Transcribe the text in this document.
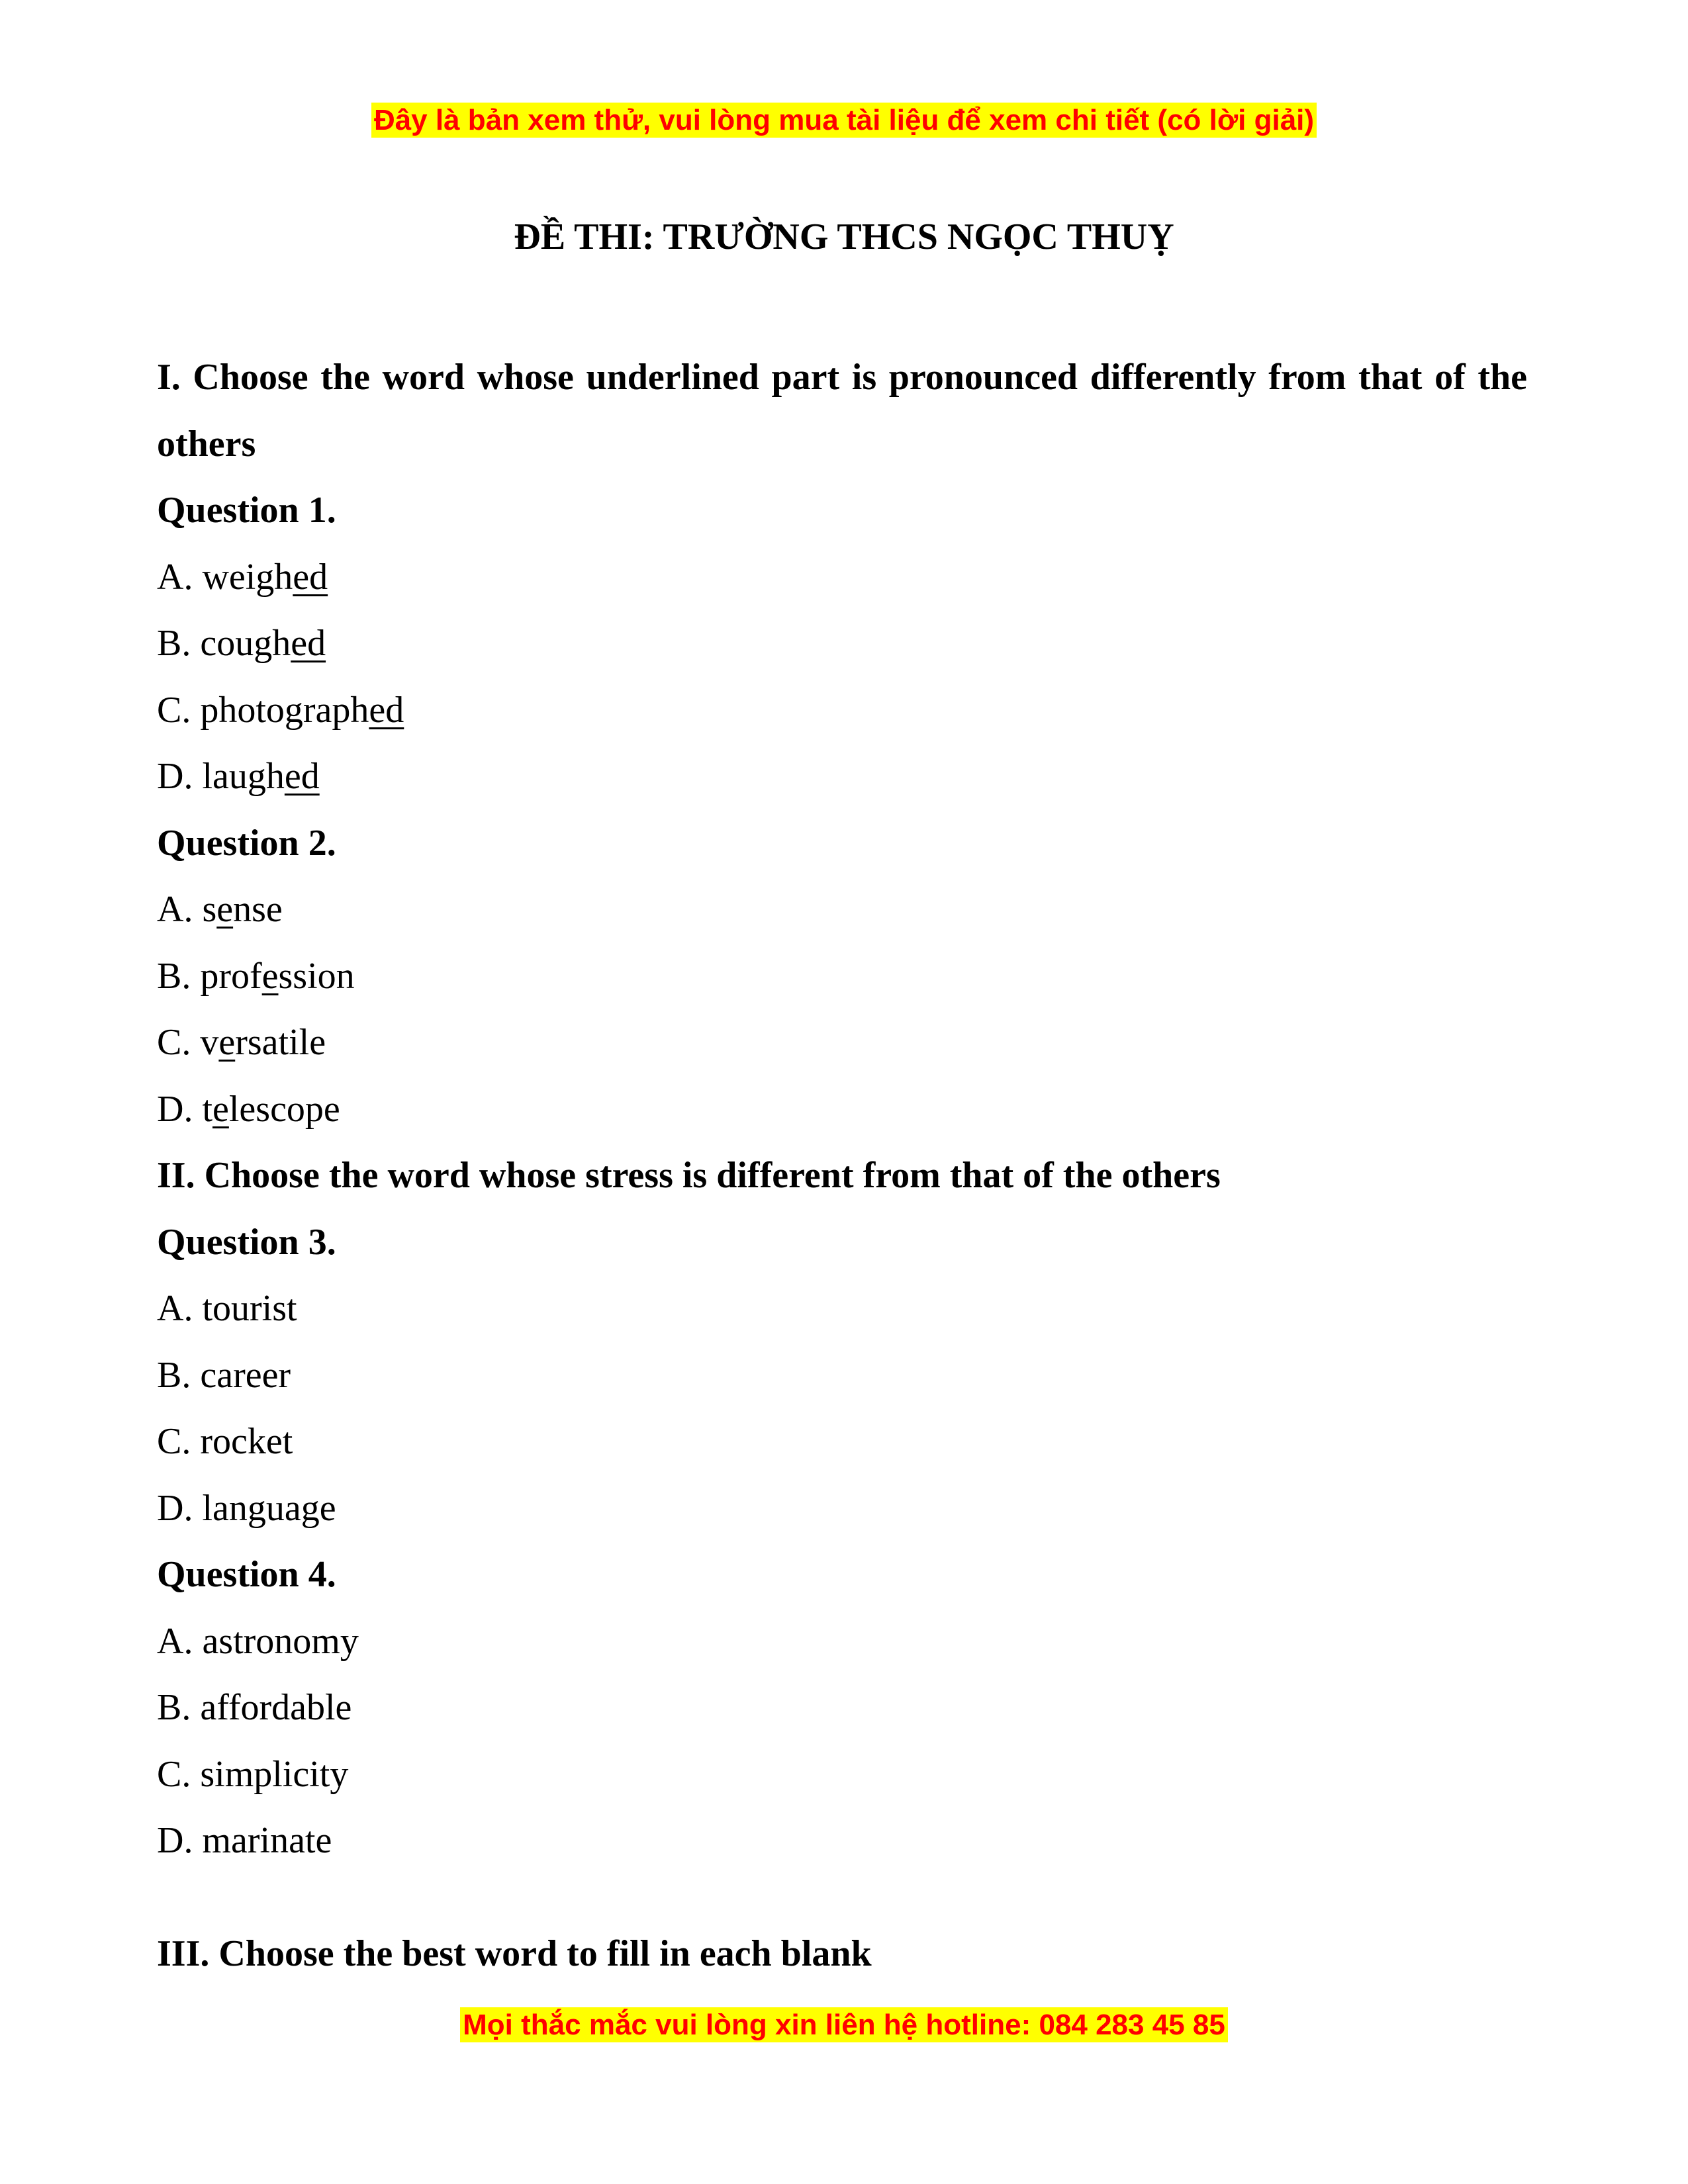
Đây là bản xem thử, vui lòng mua tài liệu để xem chi tiết (có lời giải)
ĐỀ THI: TRƯỜNG THCS NGỌC THUỴ
I. Choose the word whose underlined part is pronounced differently from that of the others
Question 1.
A. weighed
B. coughed
C. photographed
D. laughed
Question 2.
A. sense
B. profession
C. versatile
D. telescope
II. Choose the word whose stress is different from that of the others
Question 3.
A. tourist
B. career
C. rocket
D. language
Question 4.
A. astronomy
B. affordable
C. simplicity
D. marinate
III. Choose the best word to fill in each blank
Mọi thắc mắc vui lòng xin liên hệ hotline: 084 283 45 85
